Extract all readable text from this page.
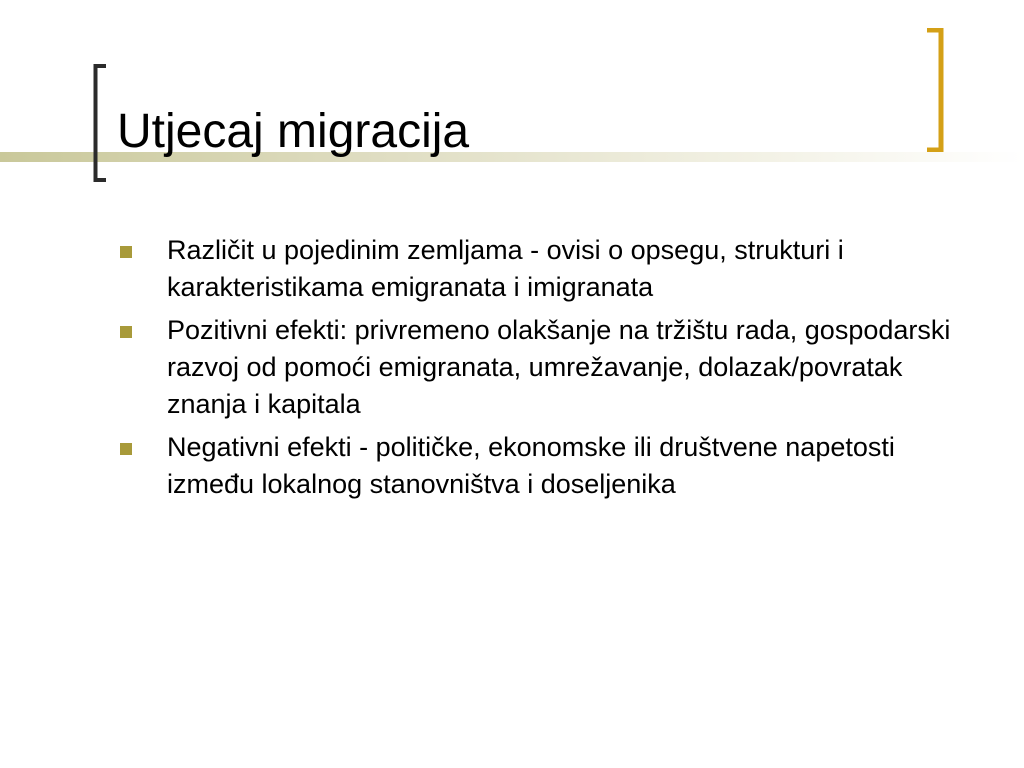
Utjecaj migracija
Različit u pojedinim zemljama - ovisi o opsegu, strukturi i karakteristikama emigranata i imigranata
Pozitivni efekti: privremeno olakšanje na tržištu rada, gospodarski razvoj od pomoći emigranata, umrežavanje, dolazak/povratak znanja i kapitala
Negativni efekti - političke, ekonomske ili društvene napetosti između lokalnog stanovništva i doseljenika
